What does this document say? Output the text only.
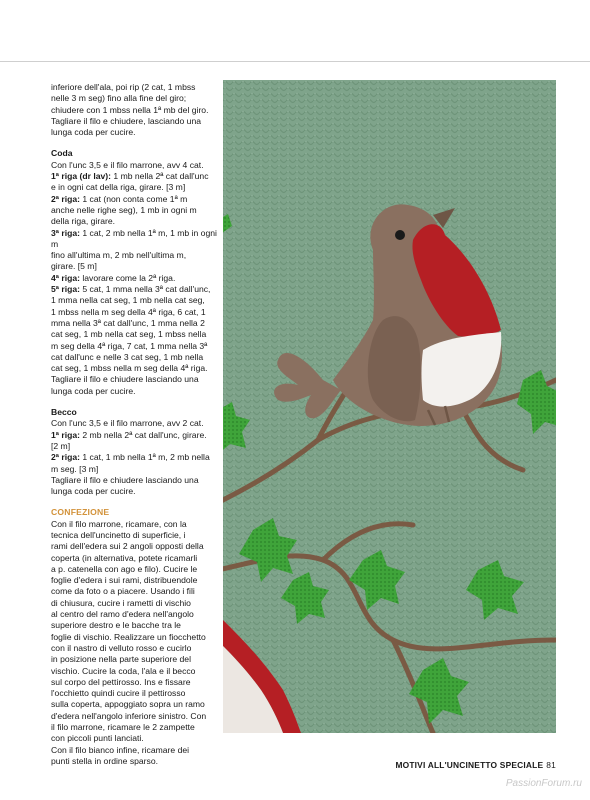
inferiore dell'ala, poi rip (2 cat, 1 mbss

nelle 3 m seg) fino alla fine del giro;

chiudere con 1 mbss nella 1ª mb del giro.

Tagliare il filo e chiudere, lasciando una

lunga coda per cucire.

Coda

Con l'unc 3,5 e il filo marrone, avv 4 cat.

1ª riga (dr lav): 1 mb nella 2ª cat dall'unc

e in ogni cat della riga, girare. [3 m]

2ª riga: 1 cat (non conta come 1ª m

anche nelle righe seg), 1 mb in ogni m

della riga, girare.

3ª riga: 1 cat, 2 mb nella 1ª m, 1 mb in ogni m

fino all'ultima m, 2 mb nell'ultima m,

girare. [5 m]

4ª riga: lavorare come la 2ª riga.

5ª riga: 5 cat, 1 mma nella 3ª cat dall'unc,

1 mma nella cat seg, 1 mb nella cat seg,

1 mbss nella m seg della 4ª riga, 6 cat, 1

mma nella 3ª cat dall'unc, 1 mma nella 2

cat seg, 1 mb nella cat seg, 1 mbss nella

m seg della 4ª riga, 7 cat, 1 mma nella 3ª

cat dall'unc e nelle 3 cat seg, 1 mb nella

cat seg, 1 mbss nella m seg della 4ª riga.

Tagliare il filo e chiudere lasciando una

lunga coda per cucire.

Becco

Con l'unc 3,5 e il filo marrone, avv 2 cat.

1ª riga: 2 mb nella 2ª cat dall'unc, girare.

[2 m]

2ª riga: 1 cat, 1 mb nella 1ª m, 2 mb nella

m seg. [3 m]

Tagliare il filo e chiudere lasciando una

lunga coda per cucire.

CONFEZIONE

Con il filo marrone, ricamare, con la

tecnica dell'uncinetto di superficie, i

rami dell'edera sui 2 angoli opposti della

coperta (in alternativa, potete ricamarli

a p. catenella con ago e filo). Cucire le

foglie d'edera i sui rami, distribuendole

come da foto o a piacere. Usando i fili

di chiusura, cucire i rametti di vischio

al centro del ramo d'edera nell'angolo

superiore destro e le bacche tra le

foglie di vischio. Realizzare un fiocchetto

con il nastro di velluto rosso e cucirlo

in posizione nella parte superiore del

vischio. Cucire la coda, l'ala e il becco

sul corpo del pettirosso. Ins e fissare

l'occhietto quindi cucire il pettirosso

sulla coperta, appoggiato sopra un ramo

d'edera nell'angolo inferiore sinistro. Con

il filo marrone, ricamare le 2 zampette

con piccoli punti lanciati.

Con il filo bianco infine, ricamare dei

punti stella in ordine sparso.	MOTIVI ALL'UNCINETTO SPECIALE 81
PassionForum.ru
